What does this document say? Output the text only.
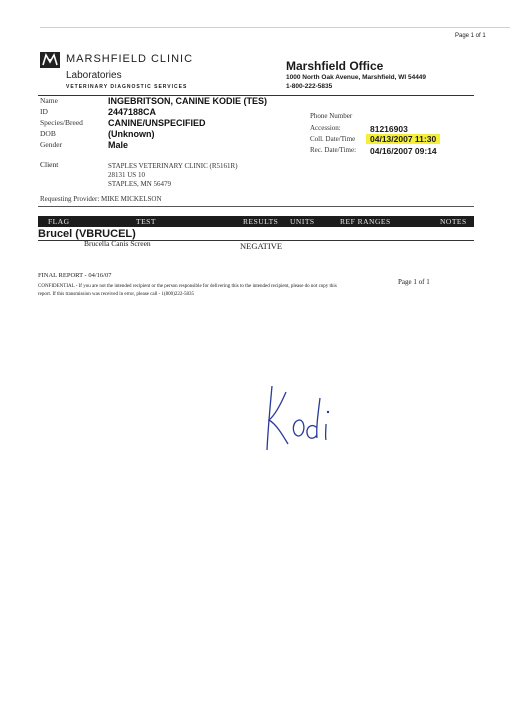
Page 1 of 1
MARSHFIELD CLINIC
Laboratories
VETERINARY DIAGNOSTIC SERVICES
Marshfield Office
1000 North Oak Avenue, Marshfield, WI 54449
1-800-222-5835
Name	INGEBRITSON, CANINE KODIE (TES)
ID	2447188CA
Species/Breed	CANINE/UNSPECIFIED
DOB	(Unknown)
Gender	Male
Phone Number
Accession:	81216903
Coll. Date/Time	04/13/2007 11:30
Rec. Date/Time: 04/16/2007 09:14
Client	STAPLES VETERINARY CLINIC (R5161R)
28131 US 10
STAPLES, MN 56479
Requesting Provider: MIKE MICKELSON
FLAG	TEST	RESULTS UNITS	REF RANGES	NOTES
Brucel (VBRUCEL)
Brucella Canis Screen	NEGATIVE
FINAL REPORT - 04/16/07
Page 1 of 1
CONFIDENTIAL - If you are not the intended recipient or the person responsible for delivering this to the intended recipient, please do not copy this
report. If this transmission was received in error, please call - 1(800)222-5835
